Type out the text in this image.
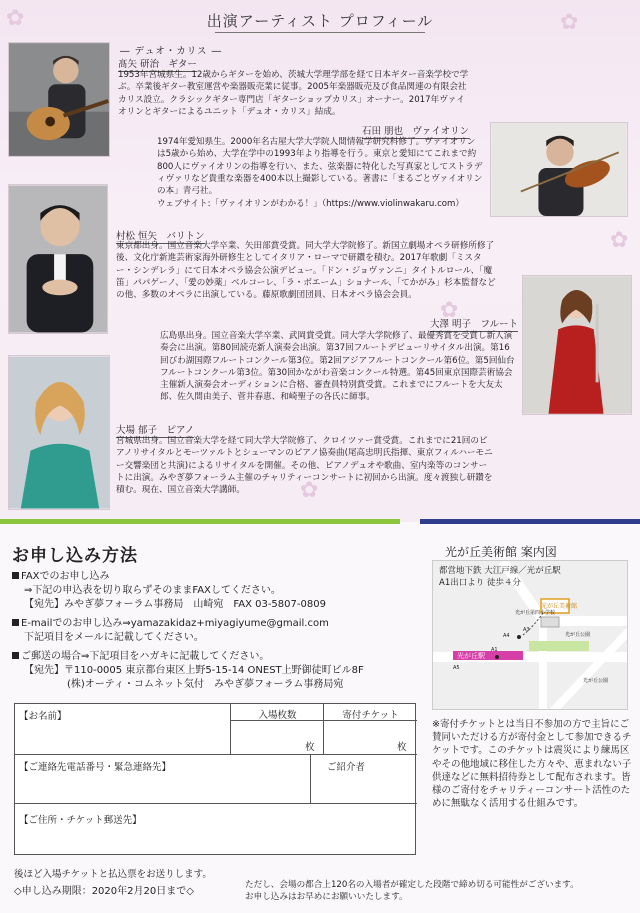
✿	✿
✿
✿
✿
出演アーティスト プロフィール
― デュオ・カリス ―
髙矢 研治　ギター
1953年宮城県生。12歳からギターを始め、茨城大学理学部を経て日本ギター音楽学校で学ぶ。卒業後ギター教室運営や楽器販売業に従事。2005年楽器販売及び食品関連の有限会社カリス設立。クラシックギター専門店「ギターショップカリス」オーナー。2017年ヴァイオリンとギターによるユニット「デュオ・カリス」結成。
石田 朋也　ヴァイオリン
1974年愛知県生。2000年名古屋大学大学院人間情報学研究科修了。ヴァイオリンは5歳から始め、大学在学中の1993年より指導を行う。東京と愛知にてこれまで約800人にヴァイオリンの指導を行い、また、弦楽器に特化した写真家としてストラディヴァリなど貴重な楽器を400本以上撮影している。著書に「まるごとヴァイオリンの本」青弓社。
ウェブサイト:「ヴァイオリンがわかる！」（https://www.violinwakaru.com）
村松 恒矢　バリトン
東京都出身。国立音楽大学卒業、矢田部賞受賞。同大学大学院修了。新国立劇場オペラ研修所修了後、文化庁新進芸術家海外研修生としてイタリア・ローマで研鑽を積む。2017年歌劇「ミスター・シンデレラ」にて日本オペラ協会公演デビュー。「ドン・ジョヴァンニ」タイトルロール、「魔笛」パパゲーノ、「愛の妙薬」ベルコーレ、「ラ・ボエーム」ショナール、「てかがみ」杉本監督などの他、多数のオペラに出演している。藤原歌劇団団員、日本オペラ協会会員。
大澤 明子　フルート
広島県出身。国立音楽大学卒業、武岡賞受賞。同大学大学院修了、最優秀賞を受賞し新人演奏会に出演。第80回読売新人演奏会出演。第37回フルートデビューリサイタル出演。第16回びわ湖国際フルートコンクール第3位。第2回アジアフルートコンクール第6位。第5回仙台フルートコンクール第3位。第30回かながわ音楽コンクール特選。第45回東京国際芸術協会主催新人演奏会オーディションに合格、審査員特別賞受賞。これまでにフルートを大友太郎、佐久間由美子、菅井春恵、和崎聖子の各氏に師事。
大場 郁子　ピアノ
宮城県出身。国立音楽大学を経て同大学大学院修了、クロイツァー賞受賞。これまでに21回のピアノリサイタルとモーツァルトとシューマンのピアノ協奏曲(尾高忠明氏指揮、東京フィルハーモニー交響楽団と共演)によるリサイタルを開催。その他、ピアノデュオや歌曲、室内楽等のコンサートに出演。みやぎ夢フォーラム主催のチャリティーコンサートに初回から出演。度々渡独し研鑽を積む。現在、国立音楽大学講師。
お申し込み方法
FAXでのお申し込み
⇒下記の申込表を切り取らずそのままFAXしてください。
【宛先】みやぎ夢フォーラム事務局　山崎宛　FAX 03-5807-0809
E-mailでのお申し込み⇒yamazakidaz+miyagiyume@gmail.com
下記項目をメールに記載してください。
ご郵送の場合⇒下記項目をハガキに記載してください。
【宛先】〒110-0005 東京都台東区上野5-15-14 ONEST上野御徒町ビル8F
(株)オーティ・コムネット気付　みやぎ夢フォーラム事務局宛
光が丘美術館 案内図
都営地下鉄 大江戸線／光が丘駅
A1出口より 徒歩４分
光が丘美術館
光が丘第四小学校
光が丘公園
光が丘駅
A4
A3
A1
A5
光が丘公園
【お名前】	入場枚数	寄付チケット
枚	枚
【ご連絡先電話番号・緊急連絡先】	ご紹介者
【ご住所・チケット郵送先】
※寄付チケットとは当日不参加の方で主旨にご賛同いただける方が寄付金として参加できるチケットです。このチケットは震災により練馬区やその他地域に移住した方々や、恵まれない子供達などに無料招待券として配布されます。皆様のご寄付をチャリティーコンサート活性のために無駄なく活用する仕組みです。
後ほど入場チケットと払込票をお送りします。
◇申し込み期限：2020年2月20日まで◇
ただし、会場の都合上120名の入場者が確定した段階で締め切る可能性がございます。
お申し込みはお早めにお願いいたします。
